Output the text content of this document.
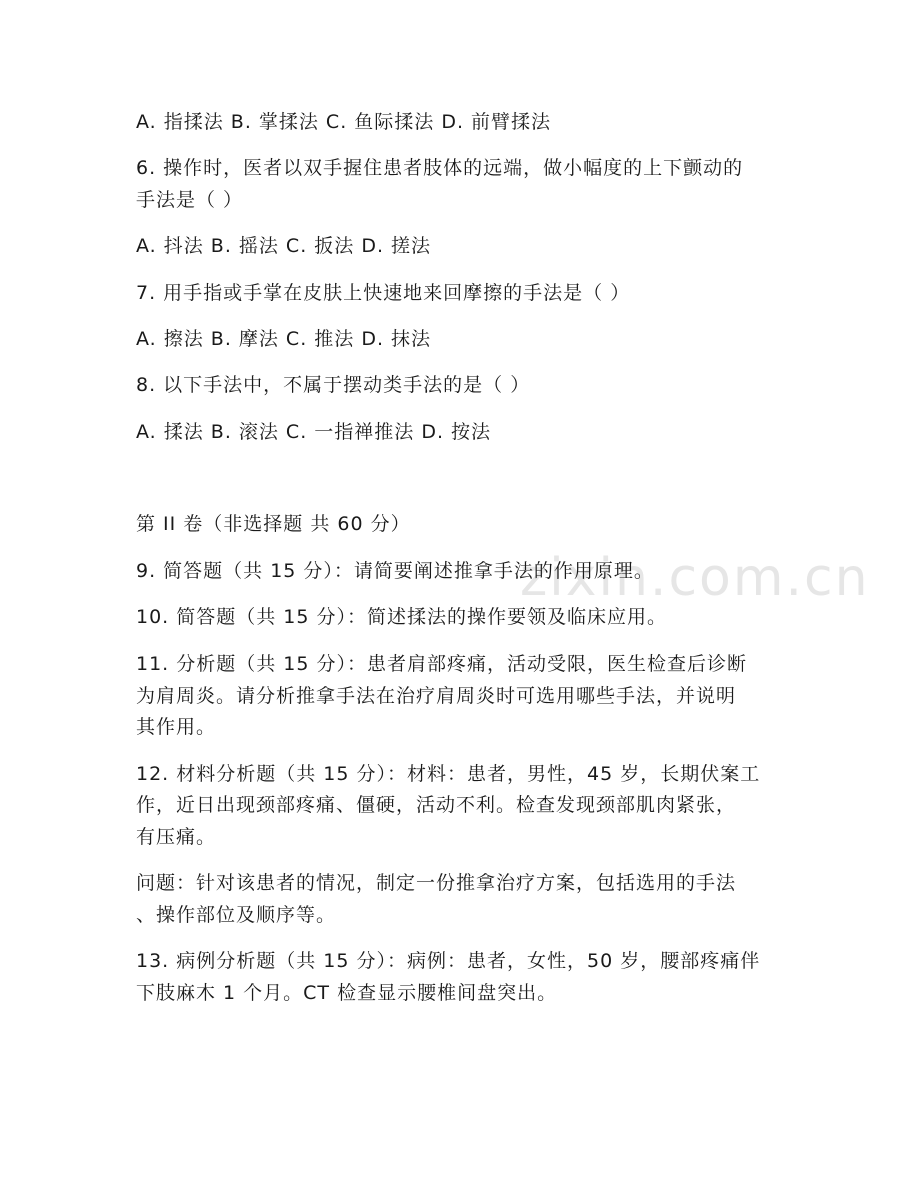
zixin.com.cn
A. 指揉法 B. 掌揉法 C. 鱼际揉法 D. 前臂揉法
6. 操作时，医者以双手握住患者肢体的远端，做小幅度的上下颤动的
手法是（ ）
A. 抖法 B. 摇法 C. 扳法 D. 搓法
7. 用手指或手掌在皮肤上快速地来回摩擦的手法是（ ）
A. 擦法 B. 摩法 C. 推法 D. 抹法
8. 以下手法中，不属于摆动类手法的是（ ）
A. 揉法 B. 滚法 C. 一指禅推法 D. 按法
第 II 卷（非选择题 共 60 分）
9. 简答题（共 15 分）：请简要阐述推拿手法的作用原理。
10. 简答题（共 15 分）：简述揉法的操作要领及临床应用。
11. 分析题（共 15 分）：患者肩部疼痛，活动受限，医生检查后诊断
为肩周炎。请分析推拿手法在治疗肩周炎时可选用哪些手法，并说明
其作用。
12. 材料分析题（共 15 分）：材料：患者，男性，45 岁，长期伏案工
作，近日出现颈部疼痛、僵硬，活动不利。检查发现颈部肌肉紧张，
有压痛。
问题：针对该患者的情况，制定一份推拿治疗方案，包括选用的手法
、操作部位及顺序等。
13. 病例分析题（共 15 分）：病例：患者，女性，50 岁，腰部疼痛伴
下肢麻木 1 个月。CT 检查显示腰椎间盘突出。
